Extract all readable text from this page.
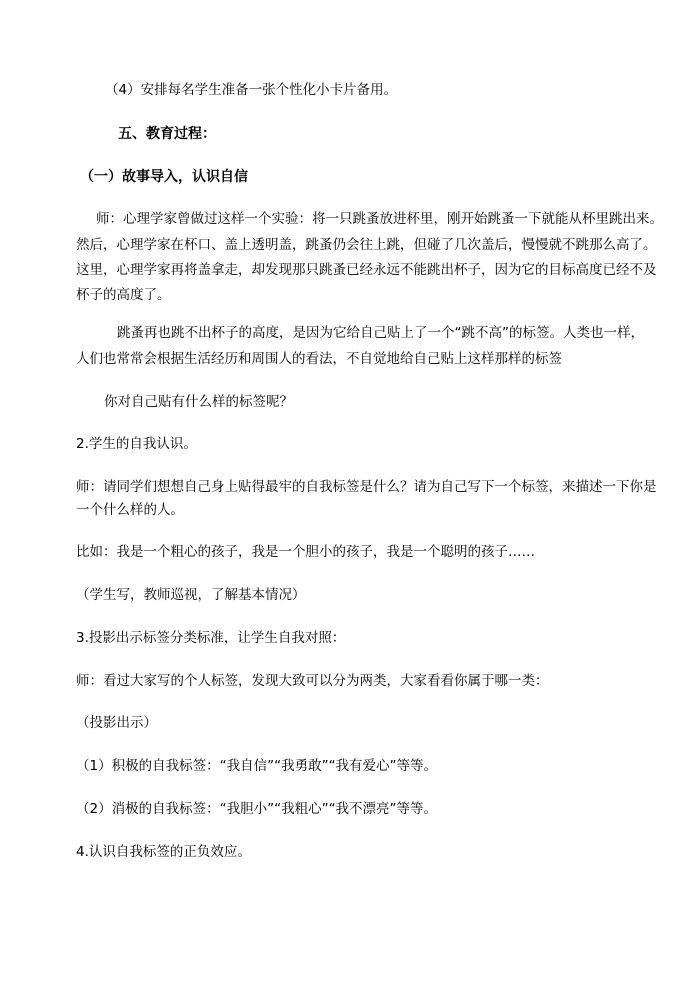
（4）安排每名学生准备一张个性化小卡片备用。
五、教育过程：
（一）故事导入，认识自信
师：心理学家曾做过这样一个实验：将一只跳蚤放进杯里，刚开始跳蚤一下就能从杯里跳出来。
然后，心理学家在杯口、盖上透明盖，跳蚤仍会往上跳，但碰了几次盖后，慢慢就不跳那么高了。
这里，心理学家再将盖拿走，却发现那只跳蚤已经永远不能跳出杯子，因为它的目标高度已经不及
杯子的高度了。
跳蚤再也跳不出杯子的高度，是因为它给自己贴上了一个“跳不高”的标签。人类也一样，
人们也常常会根据生活经历和周围人的看法，不自觉地给自己贴上这样那样的标签
你对自己贴有什么样的标签呢？
2.学生的自我认识。
师：请同学们想想自己身上贴得最牢的自我标签是什么？请为自己写下一个标签，来描述一下你是
一个什么样的人。
比如：我是一个粗心的孩子，我是一个胆小的孩子，我是一个聪明的孩子……
（学生写，教师巡视，了解基本情况）
3.投影出示标签分类标准，让学生自我对照：
师：看过大家写的个人标签，发现大致可以分为两类，大家看看你属于哪一类：
（投影出示）
（1）积极的自我标签：“我自信”“我勇敢”“我有爱心”等等。
（2）消极的自我标签：“我胆小”“我粗心”“我不漂亮”等等。
4.认识自我标签的正负效应。
